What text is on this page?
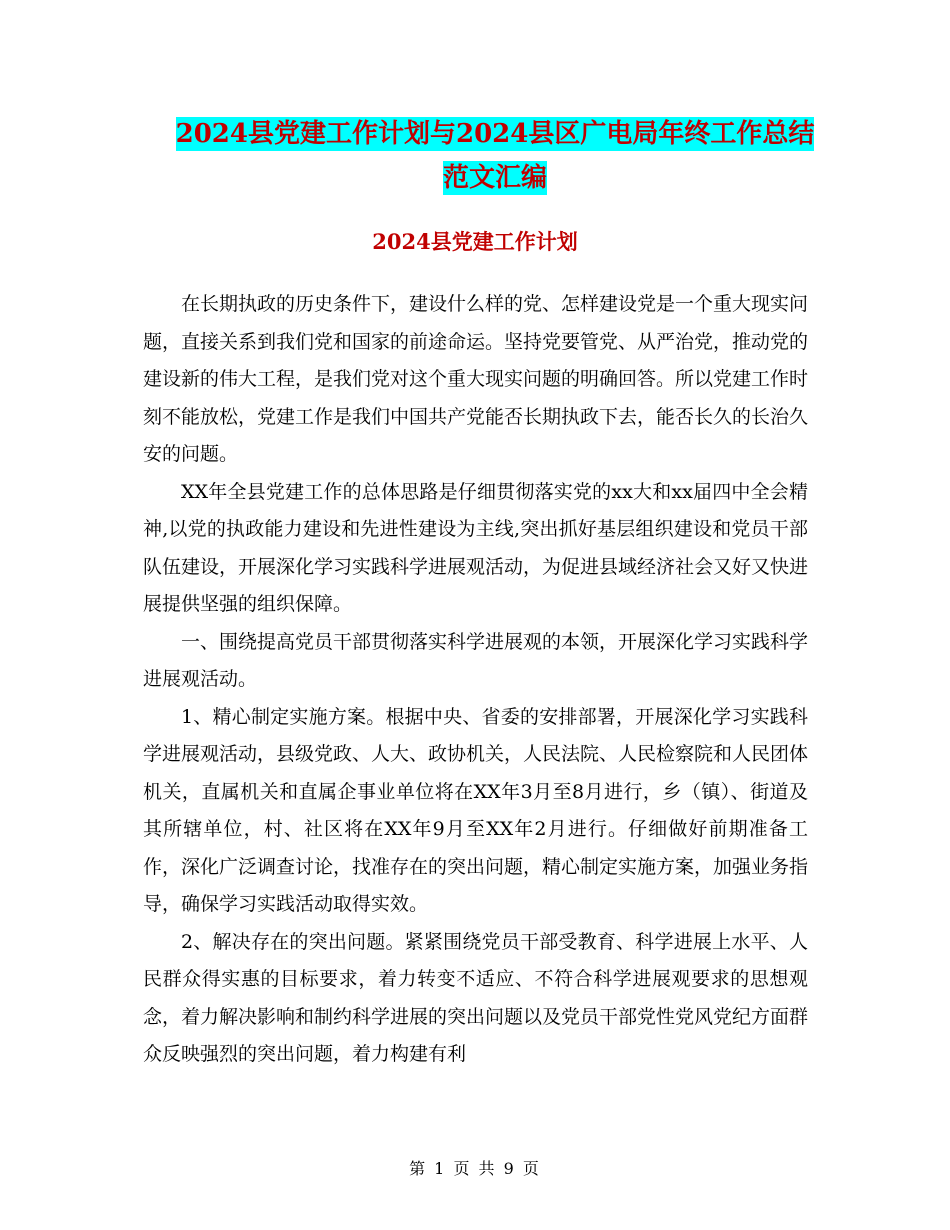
2024县党建工作计划与2024县区广电局年终工作总结
范文汇编
2024县党建工作计划

在长期执政的历史条件下，建设什么样的党、怎样建设党是一个重大现实问题，直接关系到我们党和国家的前途命运。坚持党要管党、从严治党，推动党的建设新的伟大工程，是我们党对这个重大现实问题的明确回答。所以党建工作时刻不能放松，党建工作是我们中国共产党能否长期执政下去，能否长久的长治久安的问题。

XX年全县党建工作的总体思路是仔细贯彻落实党的xx大和xx届四中全会精神,以党的执政能力建设和先进性建设为主线,突出抓好基层组织建设和党员干部队伍建设，开展深化学习实践科学进展观活动，为促进县域经济社会又好又快进展提供坚强的组织保障。

一、围绕提高党员干部贯彻落实科学进展观的本领，开展深化学习实践科学进展观活动。

1、精心制定实施方案。根据中央、省委的安排部署，开展深化学习实践科学进展观活动，县级党政、人大、政协机关，人民法院、人民检察院和人民团体机关，直属机关和直属企事业单位将在XX年3月至8月进行，乡（镇）、街道及其所辖单位，村、社区将在XX年9月至XX年2月进行。仔细做好前期准备工作，深化广泛调查讨论，找准存在的突出问题，精心制定实施方案，加强业务指导，确保学习实践活动取得实效。

2、解决存在的突出问题。紧紧围绕党员干部受教育、科学进展上水平、人民群众得实惠的目标要求，着力转变不适应、不符合科学进展观要求的思想观念，着力解决影响和制约科学进展的突出问题以及党员干部党性党风党纪方面群众反映强烈的突出问题，着力构建有利

第 1 页 共 9 页
